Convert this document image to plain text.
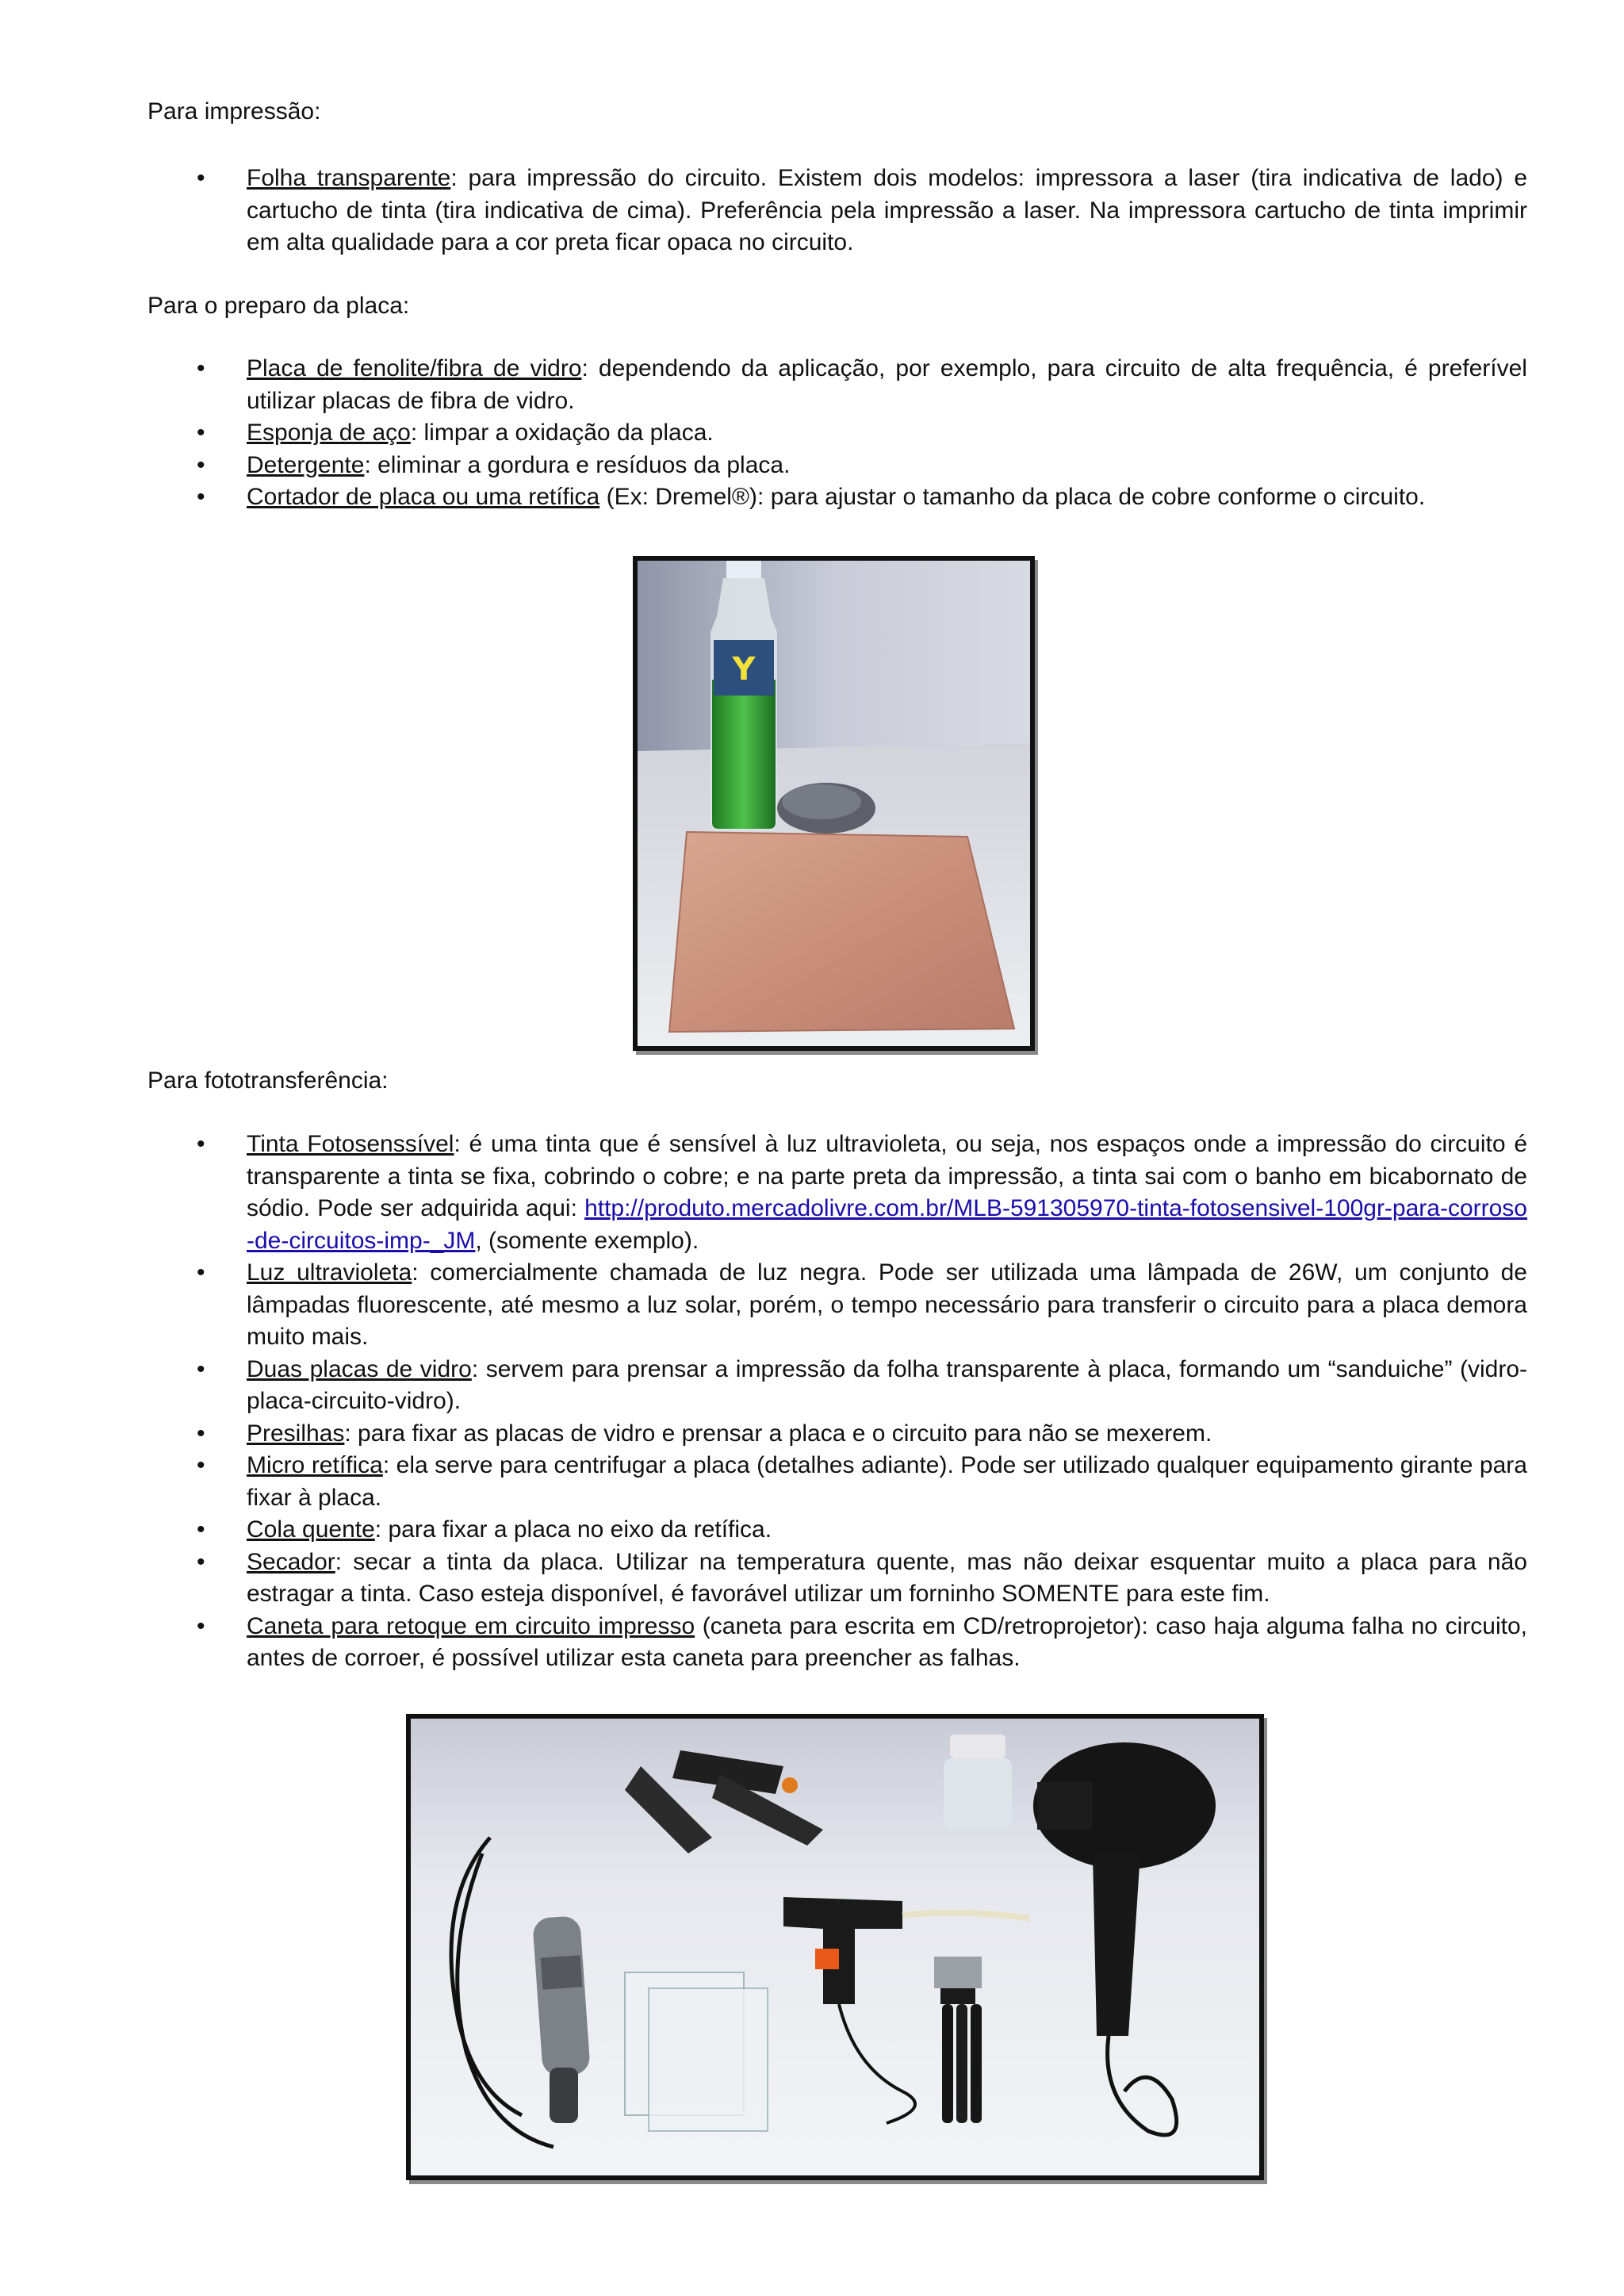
Para impressão:

• Folha transparente: para impressão do circuito. Existem dois modelos: impressora a laser (tira indicativa de lado) e cartucho de tinta (tira indicativa de cima). Preferência pela impressão a laser. Na impressora cartucho de tinta imprimir em alta qualidade para a cor preta ficar opaca no circuito.

Para o preparo da placa:

• Placa de fenolite/fibra de vidro: dependendo da aplicação, por exemplo, para circuito de alta frequência, é preferível utilizar placas de fibra de vidro.
• Esponja de aço: limpar a oxidação da placa.
• Detergente: eliminar a gordura e resíduos da placa.
• Cortador de placa ou uma retífica (Ex: Dremel®): para ajustar o tamanho da placa de cobre conforme o circuito.
Y

Para fototransferência:

• Tinta Fotosenssível: é uma tinta que é sensível à luz ultravioleta, ou seja, nos espaços onde a impressão do circuito é transparente a tinta se fixa, cobrindo o cobre; e na parte preta da impressão, a tinta sai com o banho em bicabornato de sódio. Pode ser adquirida aqui: http://produto.mercadolivre.com.br/MLB-591305970-tinta-fotosensivel-100gr-para-corroso-de-circuitos-imp-_JM, (somente exemplo).
• Luz ultravioleta: comercialmente chamada de luz negra. Pode ser utilizada uma lâmpada de 26W, um conjunto de lâmpadas fluorescente, até mesmo a luz solar, porém, o tempo necessário para transferir o circuito para a placa demora muito mais.
• Duas placas de vidro: servem para prensar a impressão da folha transparente à placa, formando um “sanduiche” (vidro-placa-circuito-vidro).
• Presilhas: para fixar as placas de vidro e prensar a placa e o circuito para não se mexerem.
• Micro retífica: ela serve para centrifugar a placa (detalhes adiante). Pode ser utilizado qualquer equipamento girante para fixar à placa.
• Cola quente: para fixar a placa no eixo da retífica.
• Secador: secar a tinta da placa. Utilizar na temperatura quente, mas não deixar esquentar muito a placa para não estragar a tinta. Caso esteja disponível, é favorável utilizar um forninho SOMENTE para este fim.
• Caneta para retoque em circuito impresso (caneta para escrita em CD/retroprojetor): caso haja alguma falha no circuito, antes de corroer, é possível utilizar esta caneta para preencher as falhas.
